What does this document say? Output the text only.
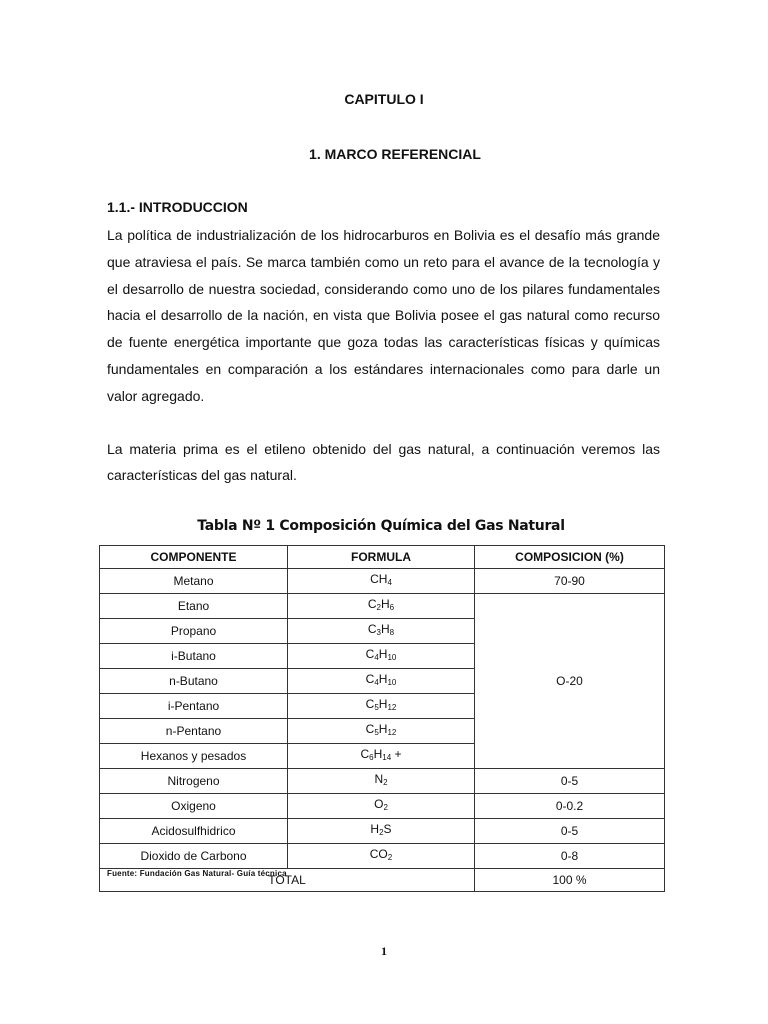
CAPITULO I
1. MARCO REFERENCIAL
1.1.- INTRODUCCION

La política de industrialización de los hidrocarburos en Bolivia es el desafío más grande que atraviesa el país. Se marca también como un reto para el avance de la tecnología y el desarrollo de nuestra sociedad, considerando como uno de los pilares fundamentales hacia el desarrollo de la nación, en vista que Bolivia posee el gas natural como recurso de fuente energética importante que goza todas las características físicas y químicas fundamentales en comparación a los estándares internacionales como para darle un valor agregado.

La materia prima es el etileno obtenido del gas natural, a continuación veremos las características del gas natural.

Tabla Nº 1 Composición Química del Gas Natural
COMPONENTE	FORMULA	COMPOSICION (%)
Metano	$CH_4$	70-90
Etano	$C_2H_6$	O-20
Propano	$C_3H_8$
i-Butano	$C_4H_{10}$
n-Butano	$C_4H_{10}$
i-Pentano	$C_5H_{12}$
n-Pentano	$C_5H_{12}$
Hexanos y pesados	$C_6H_{14}$ +	
Nitrogeno	$N_2$	0-5
Oxigeno	$O_2$	0-0.2
Acidosulfhidrico	$H_2S$	0-5
Dioxido de Carbono	$CO_2$	0-8
TOTAL		100 %
Fuente: Fundación Gas Natural- Guía técnica
1
